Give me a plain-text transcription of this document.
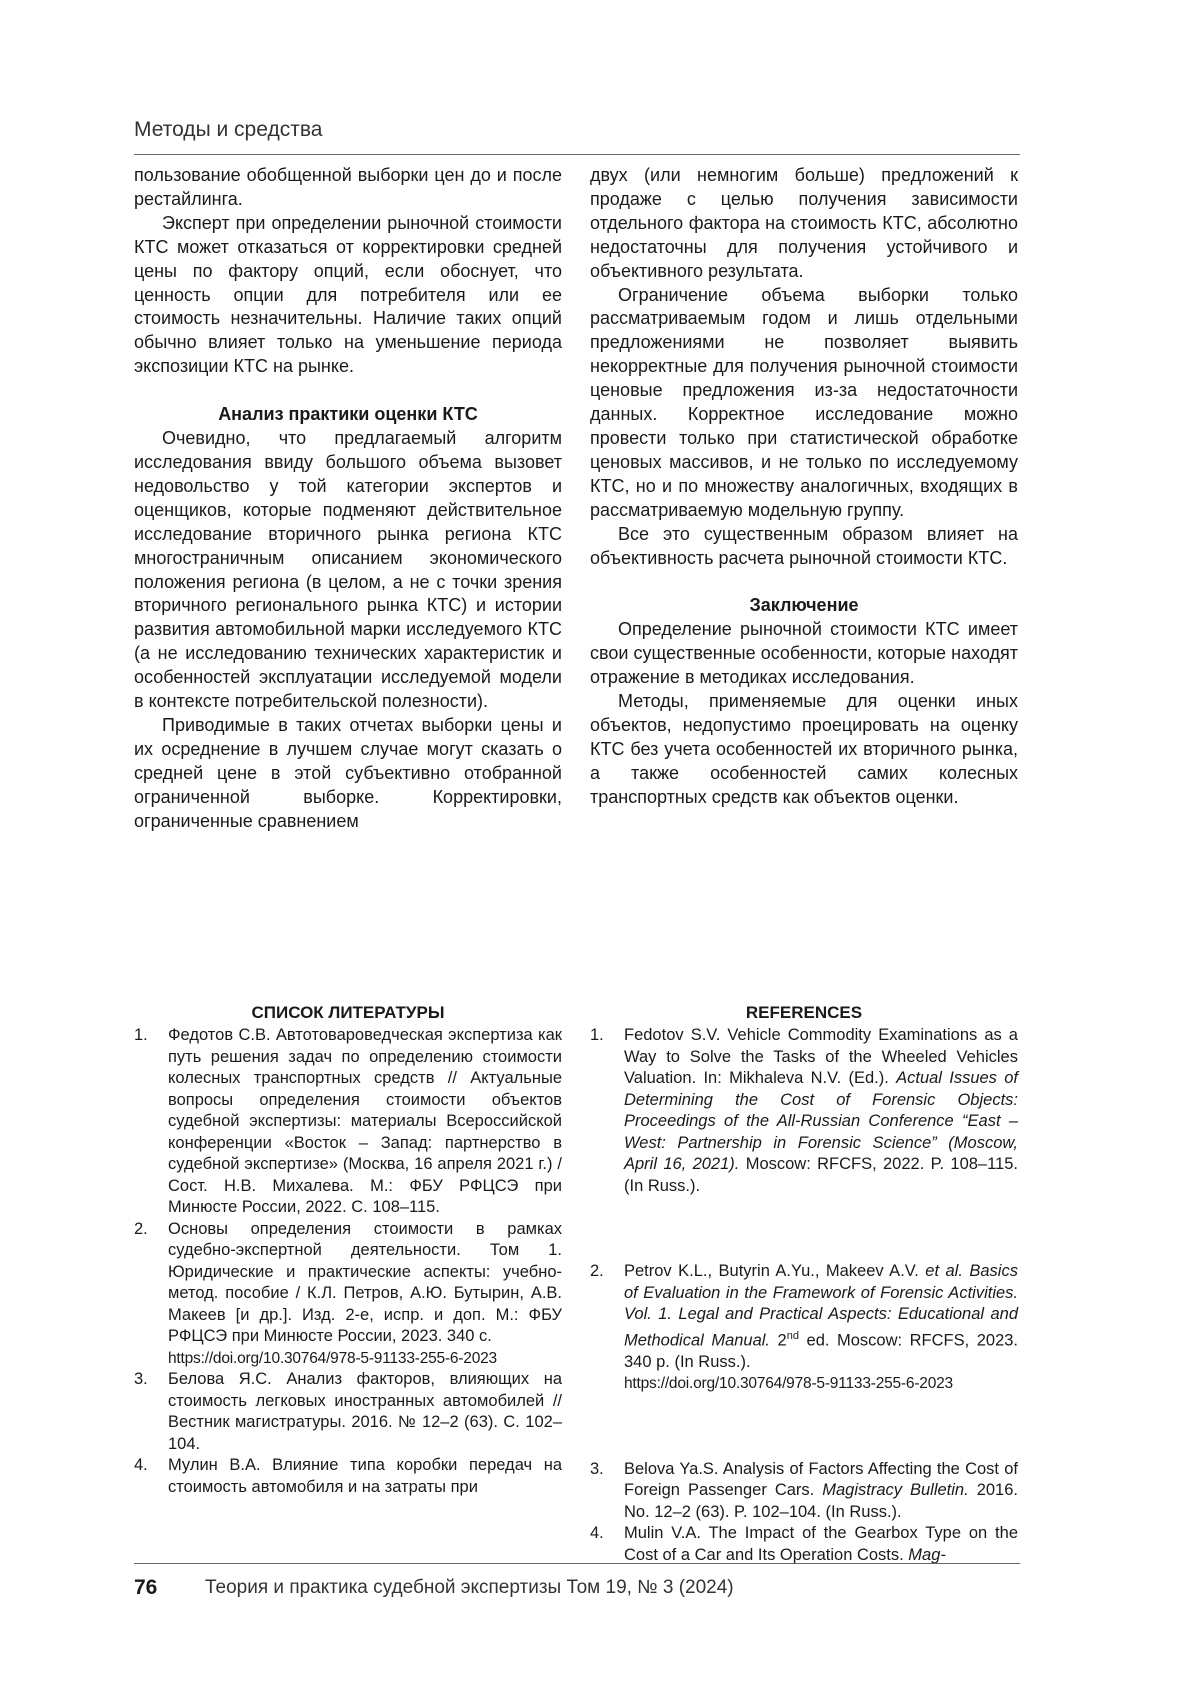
Методы и средства

пользование обобщенной выборки цен до и после рестайлинга.

Эксперт при определении рыночной стоимости КТС может отказаться от корректировки средней цены по фактору опций, если обоснует, что ценность опции для потребителя или ее стоимость незначительны. Наличие таких опций обычно влияет только на уменьшение периода экспозиции КТС на рынке.

Анализ практики оценки КТС

Очевидно, что предлагаемый алгоритм исследования ввиду большого объема вызовет недовольство у той категории экспертов и оценщиков, которые подменяют действительное исследование вторичного рынка региона КТС многостраничным описанием экономического положения региона (в целом, а не с точки зрения вторичного регионального рынка КТС) и истории развития автомобильной марки исследуемого КТС (а не исследованию технических характеристик и особенностей эксплуатации исследуемой модели в контексте потребительской полезности).

Приводимые в таких отчетах выборки цены и их осреднение в лучшем случае могут сказать о средней цене в этой субъективно отобранной ограниченной выборке. Корректировки, ограниченные сравнением

двух (или немногим больше) предложений к продаже с целью получения зависимости отдельного фактора на стоимость КТС, абсолютно недостаточны для получения устойчивого и объективного результата.

Ограничение объема выборки только рассматриваемым годом и лишь отдельными предложениями не позволяет выявить некорректные для получения рыночной стоимости ценовые предложения из-за недостаточности данных. Корректное исследование можно провести только при статистической обработке ценовых массивов, и не только по исследуемому КТС, но и по множеству аналогичных, входящих в рассматриваемую модельную группу.

Все это существенным образом влияет на объективность расчета рыночной стоимости КТС.

Заключение

Определение рыночной стоимости КТС имеет свои существенные особенности, которые находят отражение в методиках исследования.

Методы, применяемые для оценки иных объектов, недопустимо проецировать на оценку КТС без учета особенностей их вторичного рынка, а также особенностей самих колесных транспортных средств как объектов оценки.

СПИСОК ЛИТЕРАТУРЫ

1. Федотов С.В. Автотовароведческая экспертиза как путь решения задач по определению стоимости колесных транспортных средств // Актуальные вопросы определения стоимости объектов судебной экспертизы: материалы Всероссийской конференции «Восток – Запад: партнерство в судебной экспертизе» (Москва, 16 апреля 2021 г.) / Сост. Н.В. Михалева. М.: ФБУ РФЦСЭ при Минюсте России, 2022. С. 108–115.

2. Основы определения стоимости в рамках судебно-экспертной деятельности. Том 1. Юридические и практические аспекты: учебно-метод. пособие / К.Л. Петров, А.Ю. Бутырин, А.В. Макеев [и др.]. Изд. 2-е, испр. и доп. М.: ФБУ РФЦСЭ при Минюсте России, 2023. 340 с.
https://doi.org/10.30764/978-5-91133-255-6-2023

3. Белова Я.С. Анализ факторов, влияющих на стоимость легковых иностранных автомобилей // Вестник магистратуры. 2016. № 12–2 (63). С. 102–104.

4. Мулин В.А. Влияние типа коробки передач на стоимость автомобиля и на затраты при

REFERENCES

1. Fedotov S.V. Vehicle Commodity Examinations as a Way to Solve the Tasks of the Wheeled Vehicles Valuation. In: Mikhaleva N.V. (Ed.). Actual Issues of Determining the Cost of Forensic Objects: Proceedings of the All-Russian Conference “East – West: Partnership in Forensic Science” (Moscow, April 16, 2021). Moscow: RFCFS, 2022. P. 108–115. (In Russ.).

2. Petrov K.L., Butyrin A.Yu., Makeev A.V. et al. Basics of Evaluation in the Framework of Forensic Activities. Vol. 1. Legal and Practical Aspects: Educational and Methodical Manual. 2nd ed. Moscow: RFCFS, 2023. 340 p. (In Russ.).
https://doi.org/10.30764/978-5-91133-255-6-2023

3. Belova Ya.S. Analysis of Factors Affecting the Cost of Foreign Passenger Cars. Magistracy Bulletin. 2016. No. 12–2 (63). P. 102–104. (In Russ.).

4. Mulin V.A. The Impact of the Gearbox Type on the Cost of a Car and Its Operation Costs. Mag-

76	Теория и практика судебной экспертизы Том 19, № 3 (2024)
